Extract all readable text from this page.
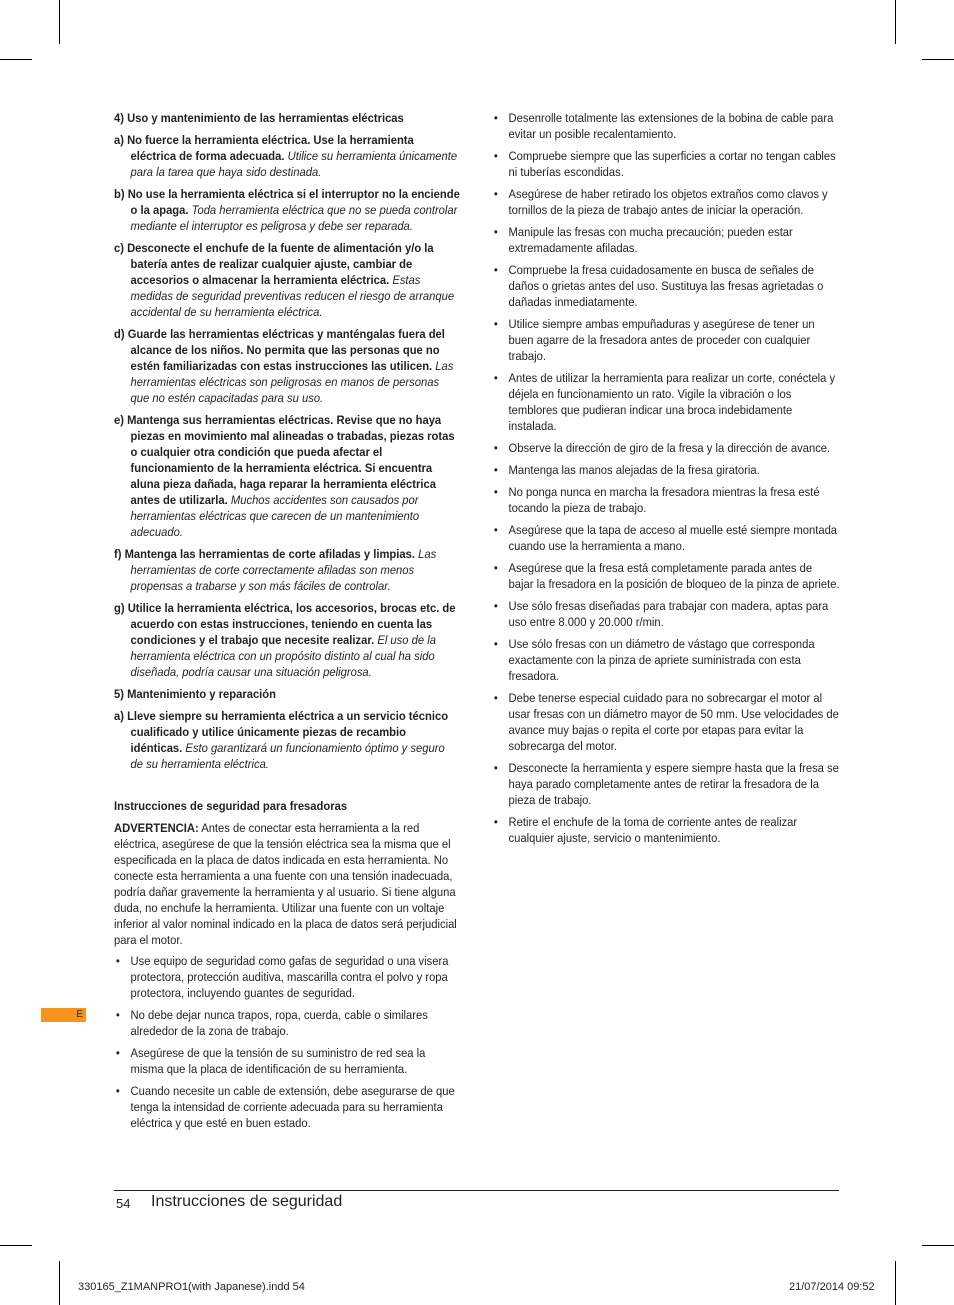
4) Uso y mantenimiento de las herramientas eléctricas
a) No fuerce la herramienta eléctrica. Use la herramienta eléctrica de forma adecuada. Utilice su herramienta únicamente para la tarea que haya sido destinada.
b) No use la herramienta eléctrica si el interruptor no la enciende o la apaga. Toda herramienta eléctrica que no se pueda controlar mediante el interruptor es peligrosa y debe ser reparada.
c) Desconecte el enchufe de la fuente de alimentación y/o la batería antes de realizar cualquier ajuste, cambiar de accesorios o almacenar la herramienta eléctrica. Estas medidas de seguridad preventivas reducen el riesgo de arranque accidental de su herramienta eléctrica.
d) Guarde las herramientas eléctricas y manténgalas fuera del alcance de los niños. No permita que las personas que no estén familiarizadas con estas instrucciones las utilicen. Las herramientas eléctricas son peligrosas en manos de personas que no estén capacitadas para su uso.
e) Mantenga sus herramientas eléctricas. Revise que no haya piezas en movimiento mal alineadas o trabadas, piezas rotas o cualquier otra condición que pueda afectar el funcionamiento de la herramienta eléctrica. Si encuentra aluna pieza dañada, haga reparar la herramienta eléctrica antes de utilizarla. Muchos accidentes son causados por herramientas eléctricas que carecen de un mantenimiento adecuado.
f) Mantenga las herramientas de corte afiladas y limpias. Las herramientas de corte correctamente afiladas son menos propensas a trabarse y son más fáciles de controlar.
g) Utilice la herramienta eléctrica, los accesorios, brocas etc. de acuerdo con estas instrucciones, teniendo en cuenta las condiciones y el trabajo que necesite realizar. El uso de la herramienta eléctrica con un propósito distinto al cual ha sido diseñada, podría causar una situación peligrosa.
5) Mantenimiento y reparación
a) Lleve siempre su herramienta eléctrica a un servicio técnico cualificado y utilice únicamente piezas de recambio idénticas. Esto garantizará un funcionamiento óptimo y seguro de su herramienta eléctrica.
Instrucciones de seguridad para fresadoras
ADVERTENCIA: Antes de conectar esta herramienta a la red eléctrica, asegúrese de que la tensión eléctrica sea la misma que el especificada en la placa de datos indicada en esta herramienta. No conecte esta herramienta a una fuente con una tensión inadecuada, podría dañar gravemente la herramienta y al usuario. Si tiene alguna duda, no enchufe la herramienta. Utilizar una fuente con un voltaje inferior al valor nominal indicado en la placa de datos será perjudicial para el motor.
• Use equipo de seguridad como gafas de seguridad o una visera protectora, protección auditiva, mascarilla contra el polvo y ropa protectora, incluyendo guantes de seguridad.
• No debe dejar nunca trapos, ropa, cuerda, cable o similares alrededor de la zona de trabajo.
• Asegúrese de que la tensión de su suministro de red sea la misma que la placa de identificación de su herramienta.
• Cuando necesite un cable de extensión, debe asegurarse de que tenga la intensidad de corriente adecuada para su herramienta eléctrica y que esté en buen estado.
• Desenrolle totalmente las extensiones de la bobina de cable para evitar un posible recalentamiento.
• Compruebe siempre que las superficies a cortar no tengan cables ni tuberías escondidas.
• Asegúrese de haber retirado los objetos extraños como clavos y tornillos de la pieza de trabajo antes de iniciar la operación.
• Manipule las fresas con mucha precaución; pueden estar extremadamente afiladas.
• Compruebe la fresa cuidadosamente en busca de señales de daños o grietas antes del uso. Sustituya las fresas agrietadas o dañadas inmediatamente.
• Utilice siempre ambas empuñaduras y asegúrese de tener un buen agarre de la fresadora antes de proceder con cualquier trabajo.
• Antes de utilizar la herramienta para realizar un corte, conéctela y déjela en funcionamiento un rato. Vigile la vibración o los temblores que pudieran indicar una broca indebidamente instalada.
• Observe la dirección de giro de la fresa y la dirección de avance.
• Mantenga las manos alejadas de la fresa giratoria.
• No ponga nunca en marcha la fresadora mientras la fresa esté tocando la pieza de trabajo.
• Asegúrese que la tapa de acceso al muelle esté siempre montada cuando use la herramienta a mano.
• Asegúrese que la fresa está completamente parada antes de bajar la fresadora en la posición de bloqueo de la pinza de apriete.
• Use sólo fresas diseñadas para trabajar con madera, aptas para uso entre 8.000 y 20.000 r/min.
• Use sólo fresas con un diámetro de vástago que corresponda exactamente con la pinza de apriete suministrada con esta fresadora.
• Debe tenerse especial cuidado para no sobrecargar el motor al usar fresas con un diámetro mayor de 50 mm. Use velocidades de avance muy bajas o repita el corte por etapas para evitar la sobrecarga del motor.
• Desconecte la herramienta y espere siempre hasta que la fresa se haya parado completamente antes de retirar la fresadora de la pieza de trabajo.
• Retire el enchufe de la toma de corriente antes de realizar cualquier ajuste, servicio o mantenimiento.
E
54 Instrucciones de seguridad
330165_Z1MANPRO1(with Japanese).indd 54	21/07/2014 09:52
